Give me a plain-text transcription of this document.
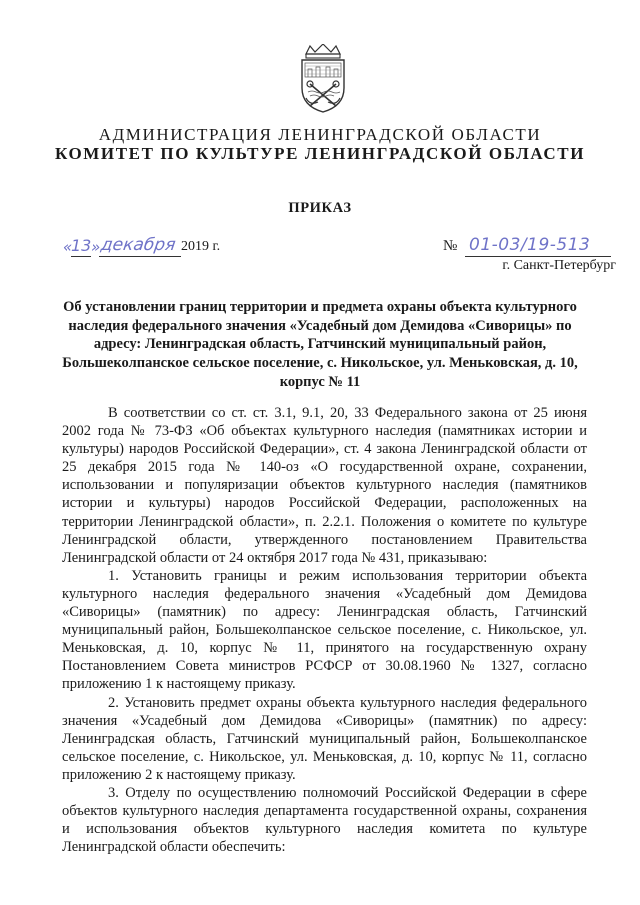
АДМИНИСТРАЦИЯ ЛЕНИНГРАДСКОЙ ОБЛАСТИ
КОМИТЕТ ПО КУЛЬТУРЕ ЛЕНИНГРАДСКОЙ ОБЛАСТИ
ПРИКАЗ
«
13 » декабря 2019 г.	№ 01-03/19-513
г. Санкт-Петербург
Об установлении границ территории и предмета охраны объекта культурного наследия федерального значения «Усадебный дом Демидова «Сиворицы» по адресу: Ленинградская область, Гатчинский муниципальный район, Большеколпанское сельское поселение, с. Никольское, ул. Меньковская, д. 10, корпус № 11

В соответствии со ст. ст. 3.1, 9.1, 20, 33 Федерального закона от 25 июня 2002 года № 73-ФЗ «Об объектах культурного наследия (памятниках истории и культуры) народов Российской Федерации», ст. 4 закона Ленинградской области от 25 декабря 2015 года № 140-оз «О государственной охране, сохранении, использовании и популяризации объектов культурного наследия (памятников истории и культуры) народов Российской Федерации, расположенных на территории Ленинградской области», п. 2.2.1. Положения о комитете по культуре Ленинградской области, утвержденного постановлением Правительства Ленинградской области от 24 октября 2017 года № 431, приказываю:

1. Установить границы и режим использования территории объекта культурного наследия федерального значения «Усадебный дом Демидова «Сиворицы» (памятник) по адресу: Ленинградская область, Гатчинский муниципальный район, Большеколпанское сельское поселение, с. Никольское, ул. Меньковская, д. 10, корпус № 11, принятого на государственную охрану Постановлением Совета министров РСФСР от 30.08.1960 № 1327, согласно приложению 1 к настоящему приказу.

2. Установить предмет охраны объекта культурного наследия федерального значения «Усадебный дом Демидова «Сиворицы» (памятник) по адресу: Ленинградская область, Гатчинский муниципальный район, Большеколпанское сельское поселение, с. Никольское, ул. Меньковская, д. 10, корпус № 11, согласно приложению 2 к настоящему приказу.

3. Отделу по осуществлению полномочий Российской Федерации в сфере объектов культурного наследия департамента государственной охраны, сохранения и использования объектов культурного наследия комитета по культуре Ленинградской области обеспечить:
